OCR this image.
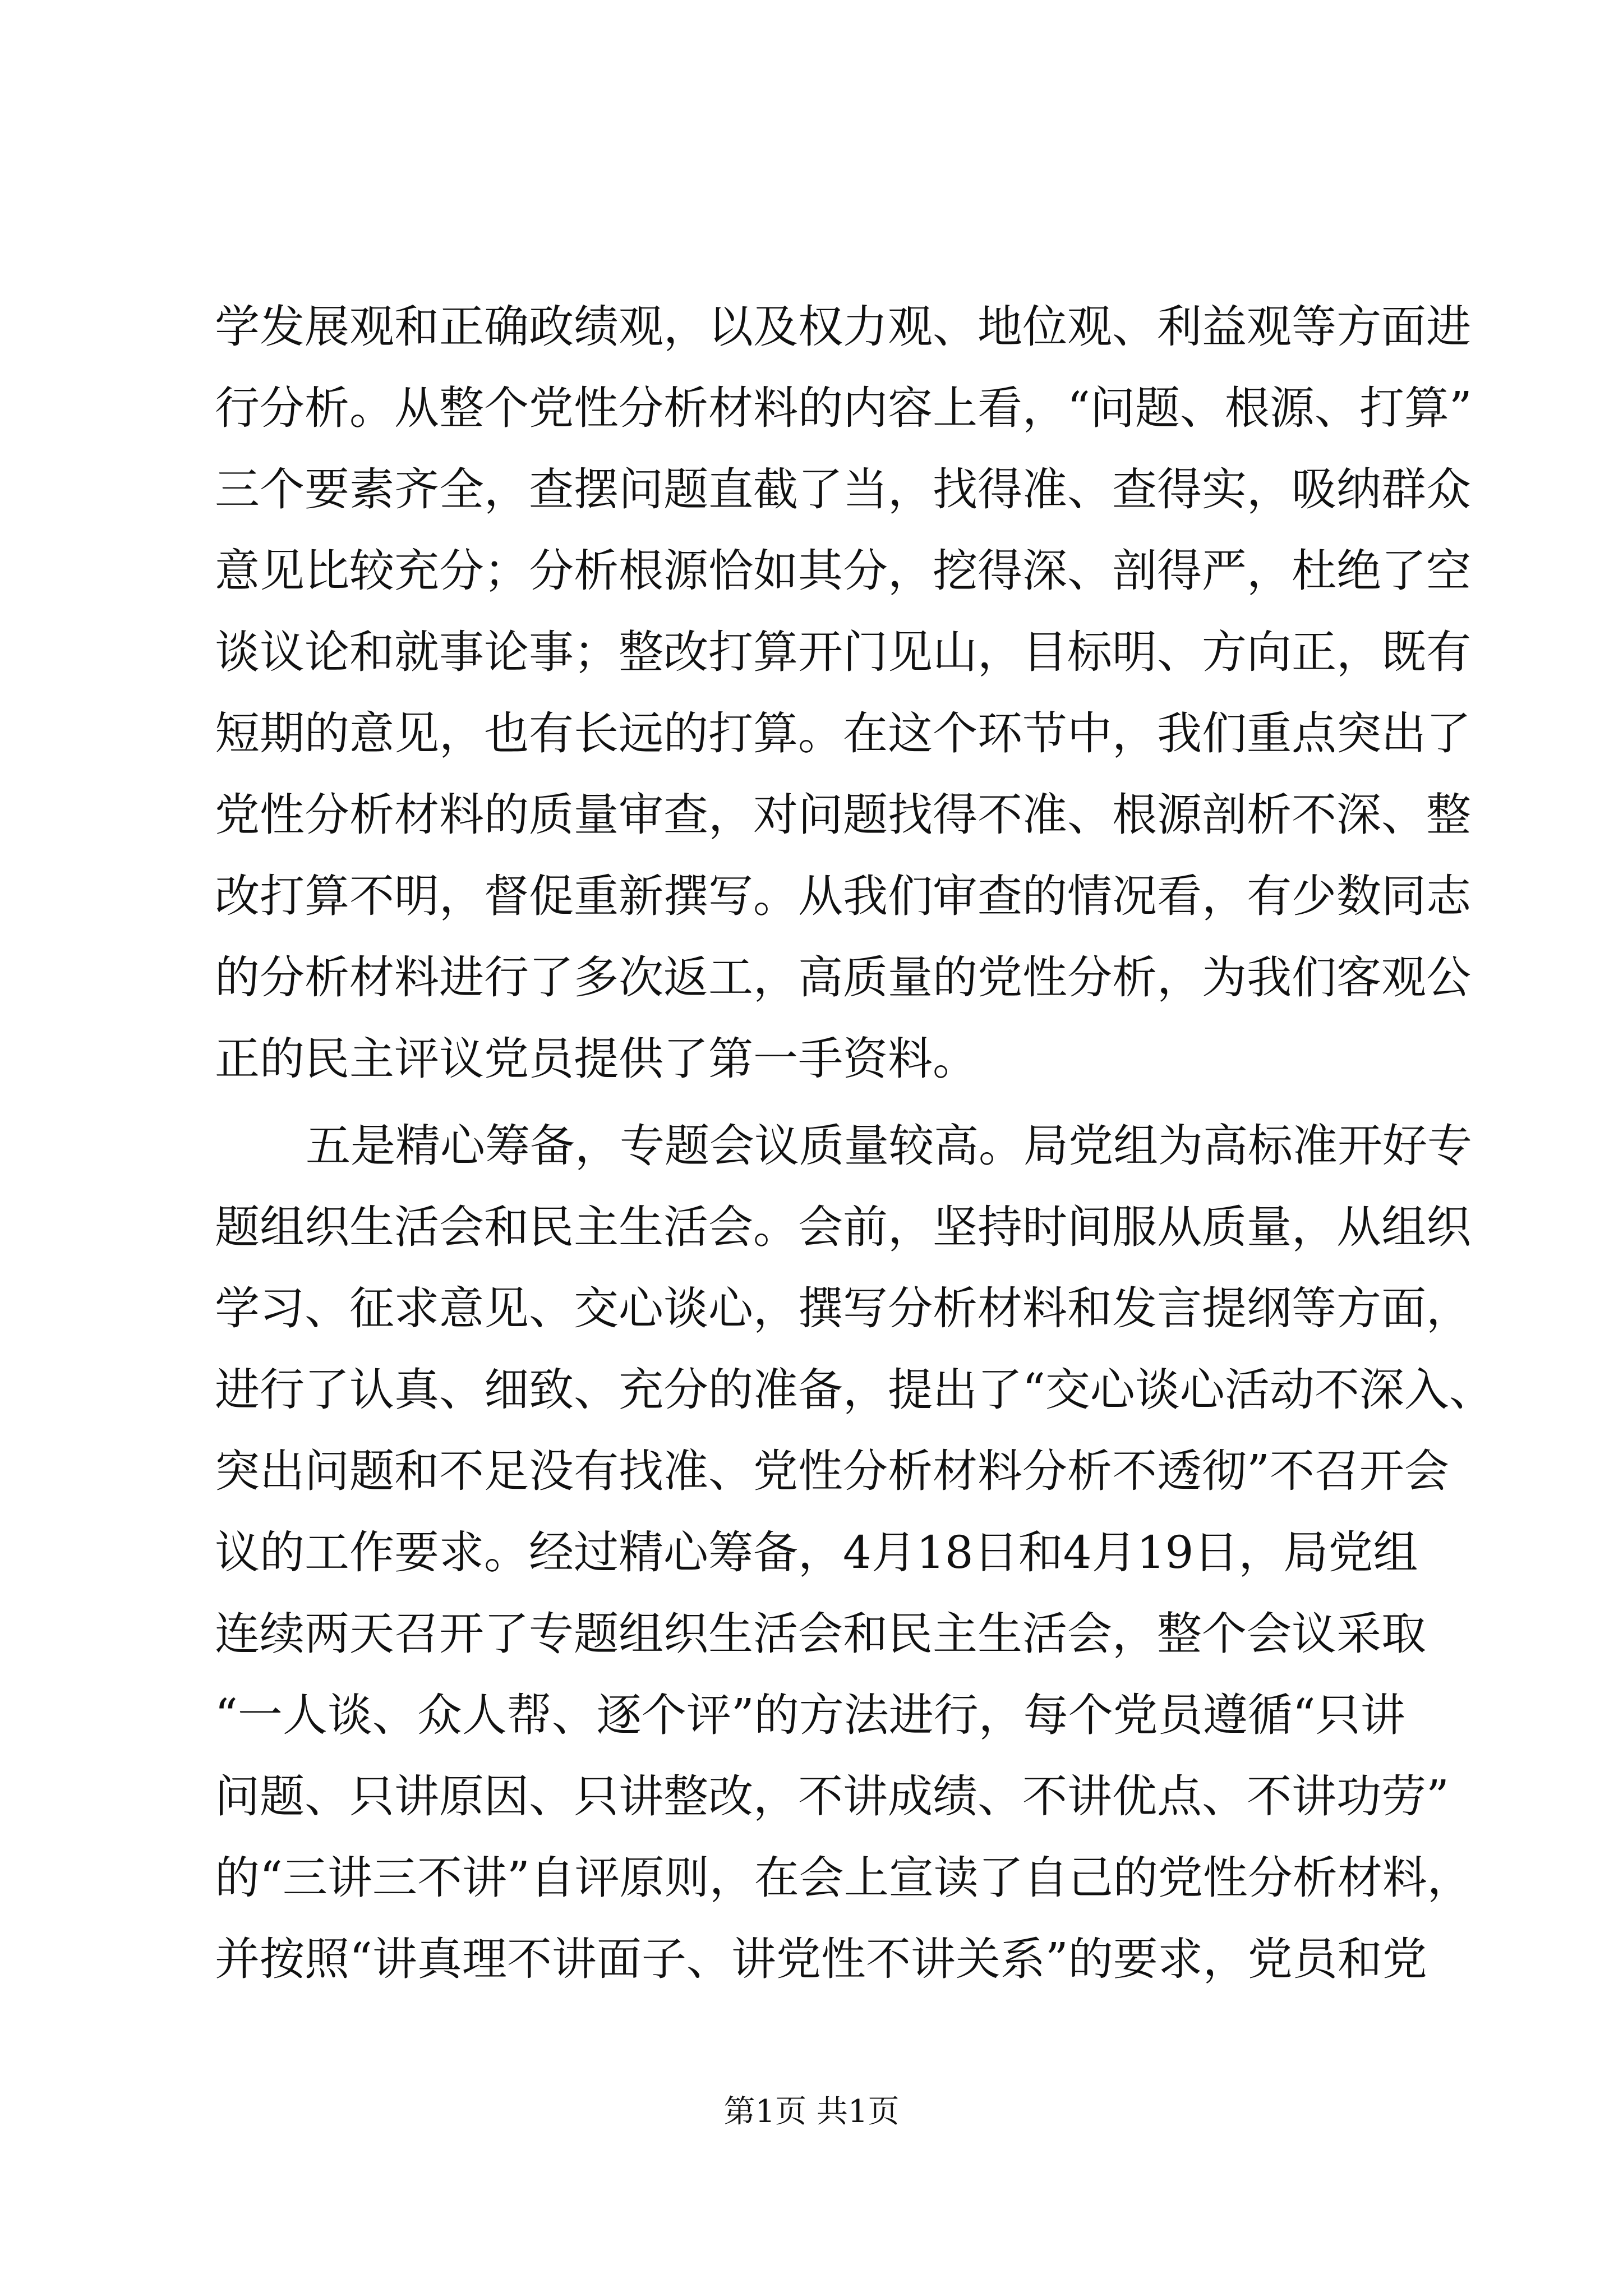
学发展观和正确政绩观，以及权力观、地位观、利益观等方面进
行分析。从整个党性分析材料的内容上看，“问题、根源、打算”
三个要素齐全，查摆问题直截了当，找得准、查得实，吸纳群众
意见比较充分；分析根源恰如其分，挖得深、剖得严，杜绝了空
谈议论和就事论事；整改打算开门见山，目标明、方向正，既有
短期的意见，也有长远的打算。在这个环节中，我们重点突出了
党性分析材料的质量审查，对问题找得不准、根源剖析不深、整
改打算不明，督促重新撰写。从我们审查的情况看，有少数同志
的分析材料进行了多次返工，高质量的党性分析，为我们客观公
正的民主评议党员提供了第一手资料。
五是精心筹备，专题会议质量较高。局党组为高标准开好专
题组织生活会和民主生活会。会前，坚持时间服从质量，从组织
学习、征求意见、交心谈心，撰写分析材料和发言提纲等方面，
进行了认真、细致、充分的准备，提出了“交心谈心活动不深入、
突出问题和不足没有找准、党性分析材料分析不透彻”不召开会
议的工作要求。经过精心筹备，4月18日和4月19日，局党组
连续两天召开了专题组织生活会和民主生活会，整个会议采取
“一人谈、众人帮、逐个评”的方法进行，每个党员遵循“只讲
问题、只讲原因、只讲整改，不讲成绩、不讲优点、不讲功劳”
的“三讲三不讲”自评原则，在会上宣读了自己的党性分析材料，
并按照“讲真理不讲面子、讲党性不讲关系”的要求，党员和党
第1页 共1页
